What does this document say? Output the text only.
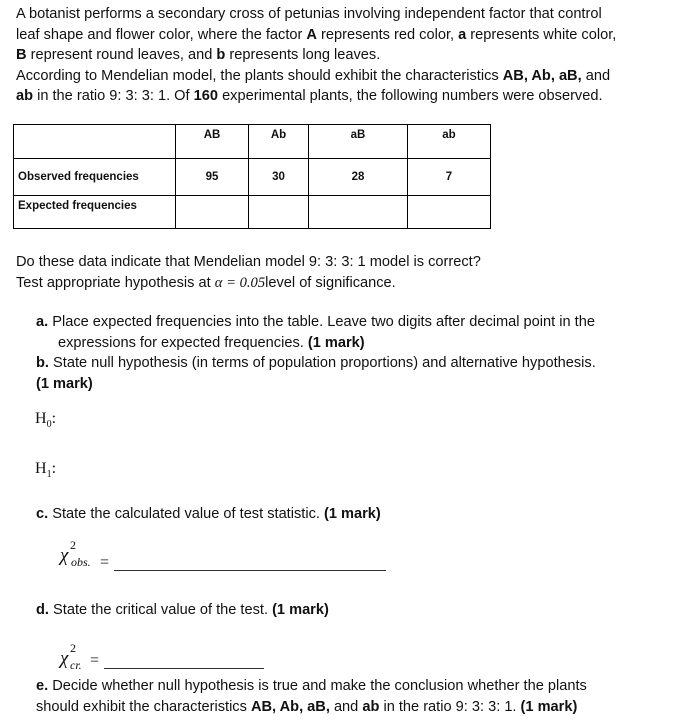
A botanist performs a secondary cross of petunias involving independent factor that control
leaf shape and flower color, where the factor A represents red color, a represents white color,
B represent round leaves, and b represents long leaves.
According to Mendelian model, the plants should exhibit the characteristics AB, Ab, aB, and
ab in the ratio 9: 3: 3: 1. Of 160 experimental plants, the following numbers were observed.
	AB	Ab	aB	ab
Observed frequencies	95	30	28	7
Expected frequencies				
Do these data indicate that Mendelian model 9: 3: 3: 1 model is correct?
Test appropriate hypothesis at α = 0.05level of significance.
a. Place expected frequencies into the table. Leave two digits after decimal point in the
expressions for expected frequencies. (1 mark)
b. State null hypothesis (in terms of population proportions) and alternative hypothesis.
(1 mark)
$H_0$:
$H_1$:
c. State the calculated value of test statistic. (1 mark)
χ 2
obs. =
d. State the critical value of the test. (1 mark)
χ 2
cr. =
e. Decide whether null hypothesis is true and make the conclusion whether the plants
should exhibit the characteristics AB, Ab, aB, and ab in the ratio 9: 3: 3: 1. (1 mark)
